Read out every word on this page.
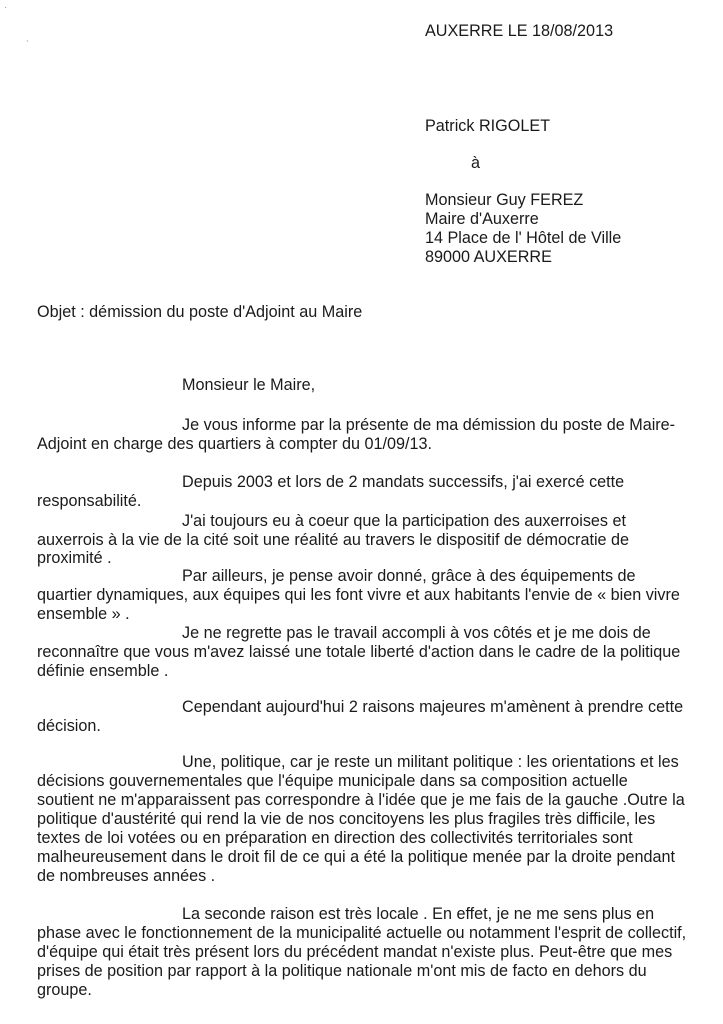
·
ˋ
AUXERRE LE 18/08/2013
Patrick RIGOLET
à
Monsieur Guy FEREZ
Maire d'Auxerre
14 Place de l' Hôtel de Ville
89000 AUXERRE
Objet : démission du poste d'Adjoint au Maire
Monsieur le Maire,
Je vous informe par la présente de ma démission du poste de Maire-
Adjoint en charge des quartiers à compter du 01/09/13.
Depuis 2003 et lors de 2 mandats successifs, j'ai exercé cette
responsabilité.
J'ai toujours eu à coeur que la participation des auxerroises et
auxerrois à la vie de la cité soit une réalité au travers le dispositif de démocratie de
proximité .
Par ailleurs, je pense avoir donné, grâce à des équipements de
quartier dynamiques, aux équipes qui les font vivre et aux habitants l'envie de « bien vivre
ensemble » .
Je ne regrette pas le travail accompli à vos côtés et je me dois de
reconnaître que vous m'avez laissé une totale liberté d'action dans le cadre de la politique
définie ensemble .
Cependant aujourd'hui 2 raisons majeures m'amènent à prendre cette
décision.
Une, politique, car je reste un militant politique : les orientations et les
décisions gouvernementales que l'équipe municipale dans sa composition actuelle
soutient ne m'apparaissent pas correspondre à l'idée que je me fais de la gauche .Outre la
politique d'austérité qui rend la vie de nos concitoyens les plus fragiles très difficile, les
textes de loi votées ou en préparation en direction des collectivités territoriales sont
malheureusement dans le droit fil de ce qui a été la politique menée par la droite pendant
de nombreuses années .
La seconde raison est très locale . En effet, je ne me sens plus en
phase avec le fonctionnement de la municipalité actuelle ou notamment l'esprit de collectif,
d'équipe qui était très présent lors du précédent mandat n'existe plus. Peut-être que mes
prises de position par rapport à la politique nationale m'ont mis de facto en dehors du
groupe.
